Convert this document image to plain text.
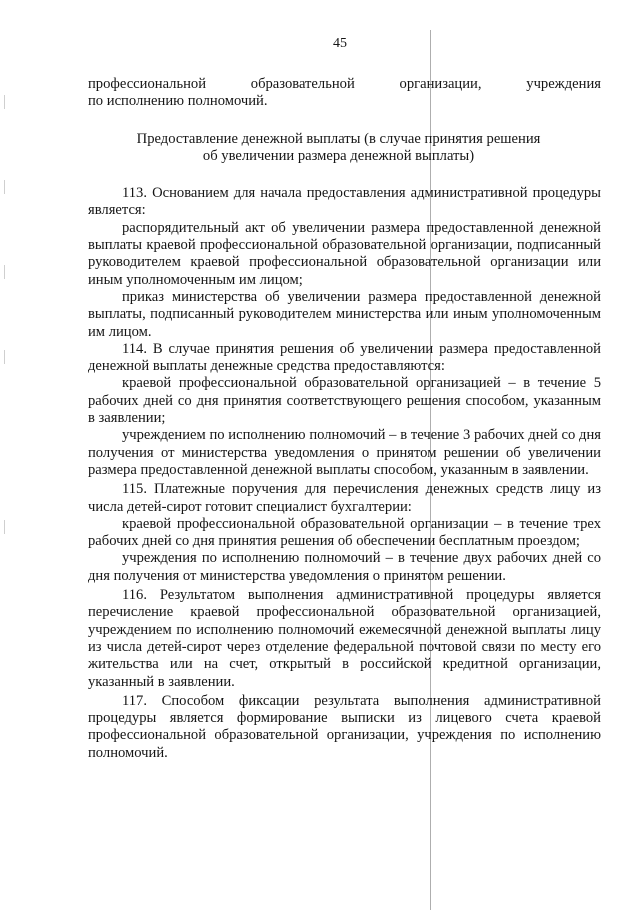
45

профессиональной образовательной организации, учреждения

по исполнению полномочий.

Предоставление денежной выплаты (в случае принятия решения

об увеличении размера денежной выплаты)

113. Основанием для начала предоставления административной процедуры является:

распорядительный акт об увеличении размера предоставленной денежной выплаты краевой профессиональной образовательной организации, подписанный руководителем краевой профессиональной образовательной организации или иным уполномоченным им лицом;

приказ министерства об увеличении размера предоставленной денежной выплаты, подписанный руководителем министерства или иным уполномоченным им лицом.

114. В случае принятия решения об увеличении размера предоставленной денежной выплаты денежные средства предоставляются:

краевой профессиональной образовательной организацией – в течение 5 рабочих дней со дня принятия соответствующего решения способом, указанным в заявлении;

учреждением по исполнению полномочий – в течение 3 рабочих дней со дня получения от министерства уведомления о принятом решении об увеличении размера предоставленной денежной выплаты способом, указанным в заявлении.

115. Платежные поручения для перечисления денежных средств лицу из числа детей-сирот готовит специалист бухгалтерии:

краевой профессиональной образовательной организации – в течение трех рабочих дней со дня принятия решения об обеспечении бесплатным проездом;

учреждения по исполнению полномочий – в течение двух рабочих дней со дня получения от министерства уведомления о принятом решении.

116. Результатом выполнения административной процедуры является перечисление краевой профессиональной образовательной организацией, учреждением по исполнению полномочий ежемесячной денежной выплаты лицу из числа детей-сирот через отделение федеральной почтовой связи по месту его жительства или на счет, открытый в российской кредитной организации, указанный в заявлении.

117. Способом фиксации результата выполнения административной процедуры является формирование выписки из лицевого счета краевой профессиональной образовательной организации, учреждения по исполнению полномочий.
